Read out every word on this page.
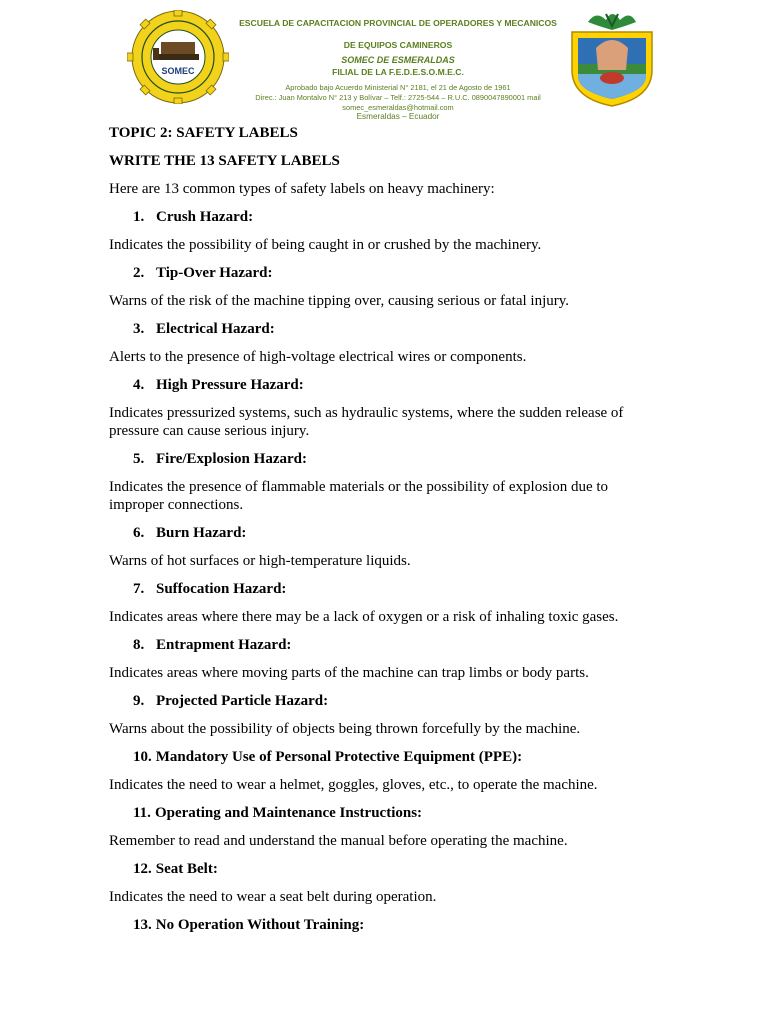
SOMEC
ESCUELA DE CAPACITACION PROVINCIAL DE OPERADORES Y MECANICOS
DE EQUIPOS CAMINEROS
SOMEC DE ESMERALDAS
FILIAL DE LA F.E.D.E.S.O.M.E.C.
Aprobado bajo Acuerdo Ministerial N° 2181, el 21 de Agosto de 1961
Direc.: Juan Montalvo N° 213 y Bolívar – Telf.: 2725-544 – R.U.C. 0890047890001 mail
somec_esmeraldas@hotmail.com
Esmeraldas – Ecuador
TOPIC 2: SAFETY LABELS
WRITE THE 13 SAFETY LABELS

Here are 13 common types of safety labels on heavy machinery:

1. Crush Hazard:

Indicates the possibility of being caught in or crushed by the machinery.

2. Tip-Over Hazard:

Warns of the risk of the machine tipping over, causing serious or fatal injury.

3. Electrical Hazard:

Alerts to the presence of high-voltage electrical wires or components.

4. High Pressure Hazard:

Indicates pressurized systems, such as hydraulic systems, where the sudden release of pressure can cause serious injury.

5. Fire/Explosion Hazard:

Indicates the presence of flammable materials or the possibility of explosion due to improper connections.

6. Burn Hazard:

Warns of hot surfaces or high-temperature liquids.

7. Suffocation Hazard:

Indicates areas where there may be a lack of oxygen or a risk of inhaling toxic gases.

8. Entrapment Hazard:

Indicates areas where moving parts of the machine can trap limbs or body parts.

9. Projected Particle Hazard:

Warns about the possibility of objects being thrown forcefully by the machine.

10. Mandatory Use of Personal Protective Equipment (PPE):

Indicates the need to wear a helmet, goggles, gloves, etc., to operate the machine.

11. Operating and Maintenance Instructions:

Remember to read and understand the manual before operating the machine.

12. Seat Belt:

Indicates the need to wear a seat belt during operation.

13. No Operation Without Training:
